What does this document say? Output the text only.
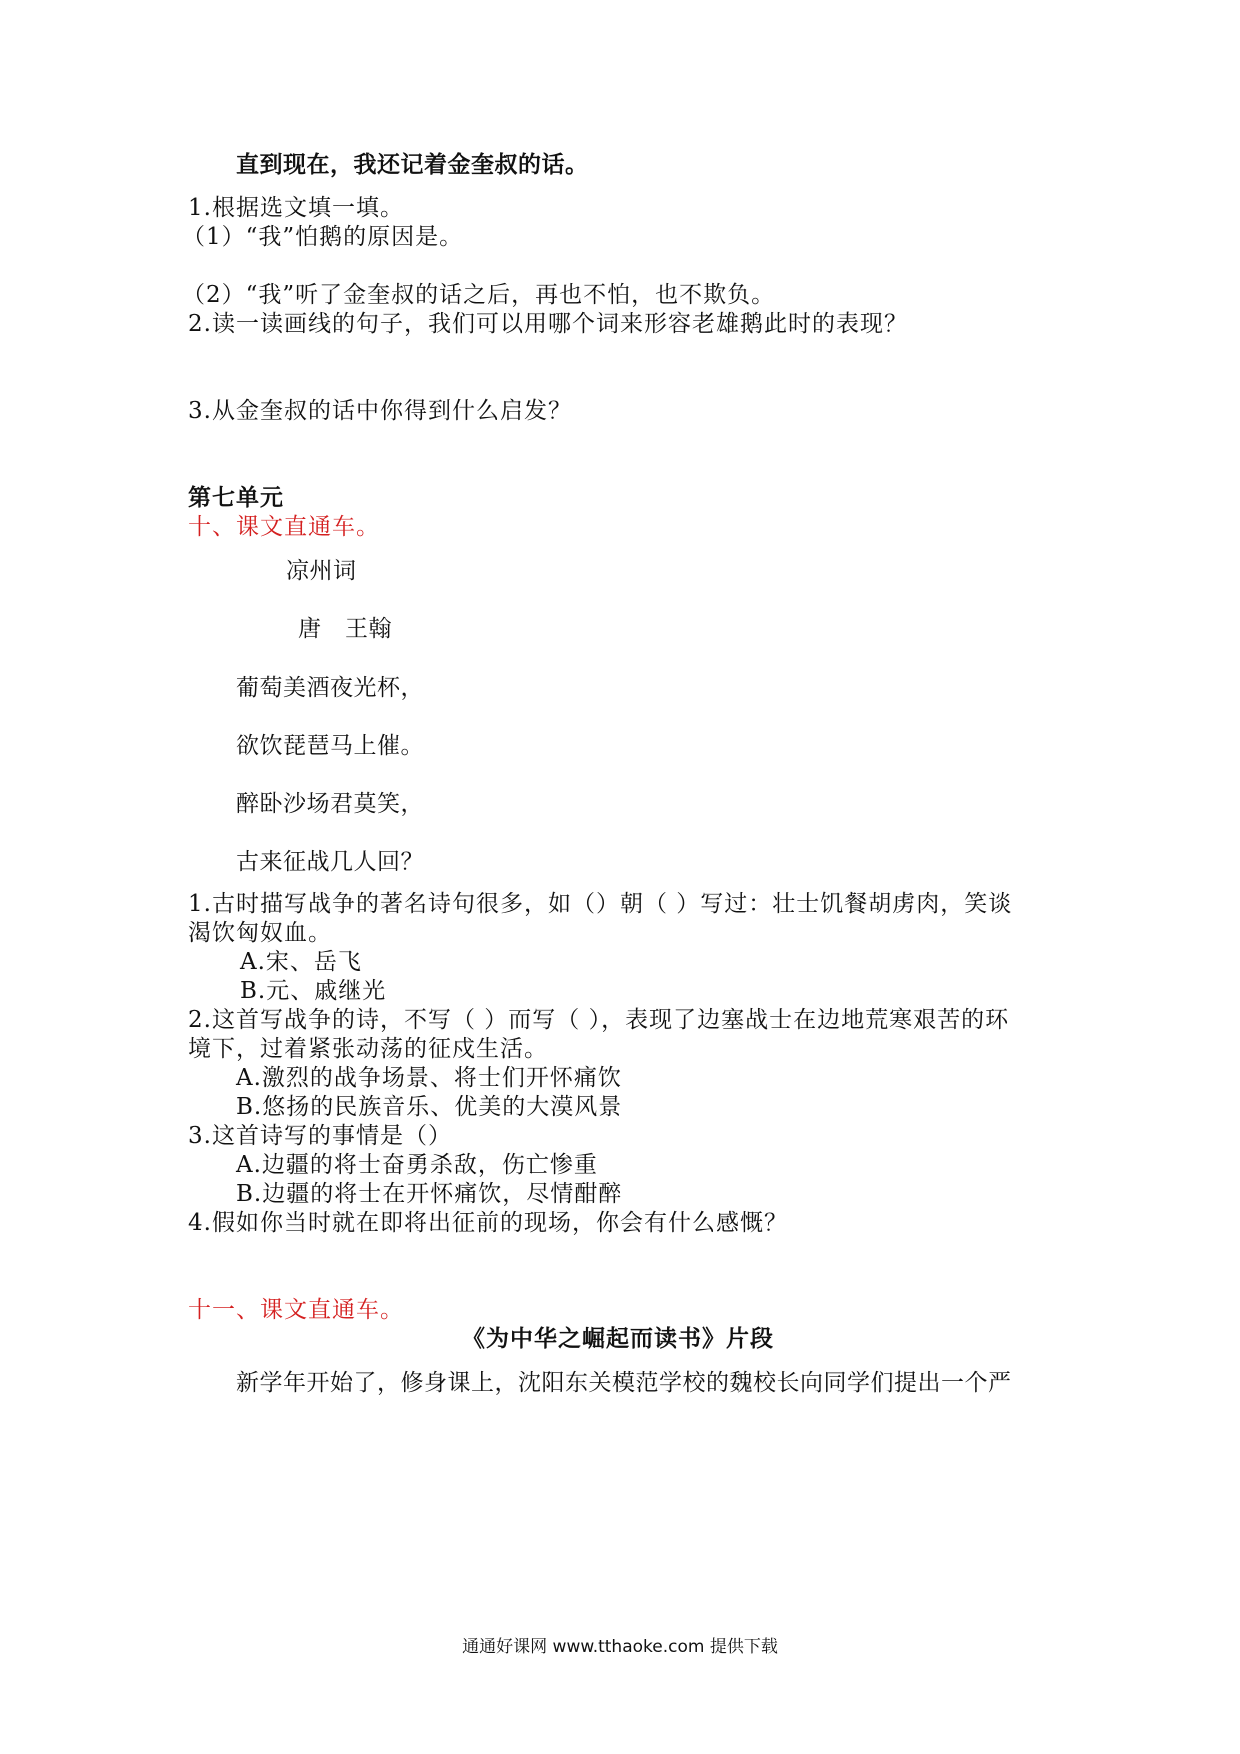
直到现在，我还记着金奎叔的话。
1.根据选文填一填。
（1）“我”怕鹅的原因是。
（2）“我”听了金奎叔的话之后，再也不怕，也不欺负。
2.读一读画线的句子，我们可以用哪个词来形容老雄鹅此时的表现？
3.从金奎叔的话中你得到什么启发？
第七单元
十、课文直通车。
凉州词
唐　王翰
葡萄美酒夜光杯，
欲饮琵琶马上催。
醉卧沙场君莫笑，
古来征战几人回？
1.古时描写战争的著名诗句很多，如（）朝（ ）写过：壮士饥餐胡虏肉，笑谈
渴饮匈奴血。
A.宋、岳飞
B.元、戚继光
2.这首写战争的诗，不写（ ）而写（ ），表现了边塞战士在边地荒寒艰苦的环
境下，过着紧张动荡的征戍生活。
A.激烈的战争场景、将士们开怀痛饮
B.悠扬的民族音乐、优美的大漠风景
3.这首诗写的事情是（）
A.边疆的将士奋勇杀敌，伤亡惨重
B.边疆的将士在开怀痛饮，尽情酣醉
4.假如你当时就在即将出征前的现场，你会有什么感慨？
十一、课文直通车。
《为中华之崛起而读书》片段
新学年开始了，修身课上，沈阳东关模范学校的魏校长向同学们提出一个严
通通好课网 www.tthaoke.com 提供下载
